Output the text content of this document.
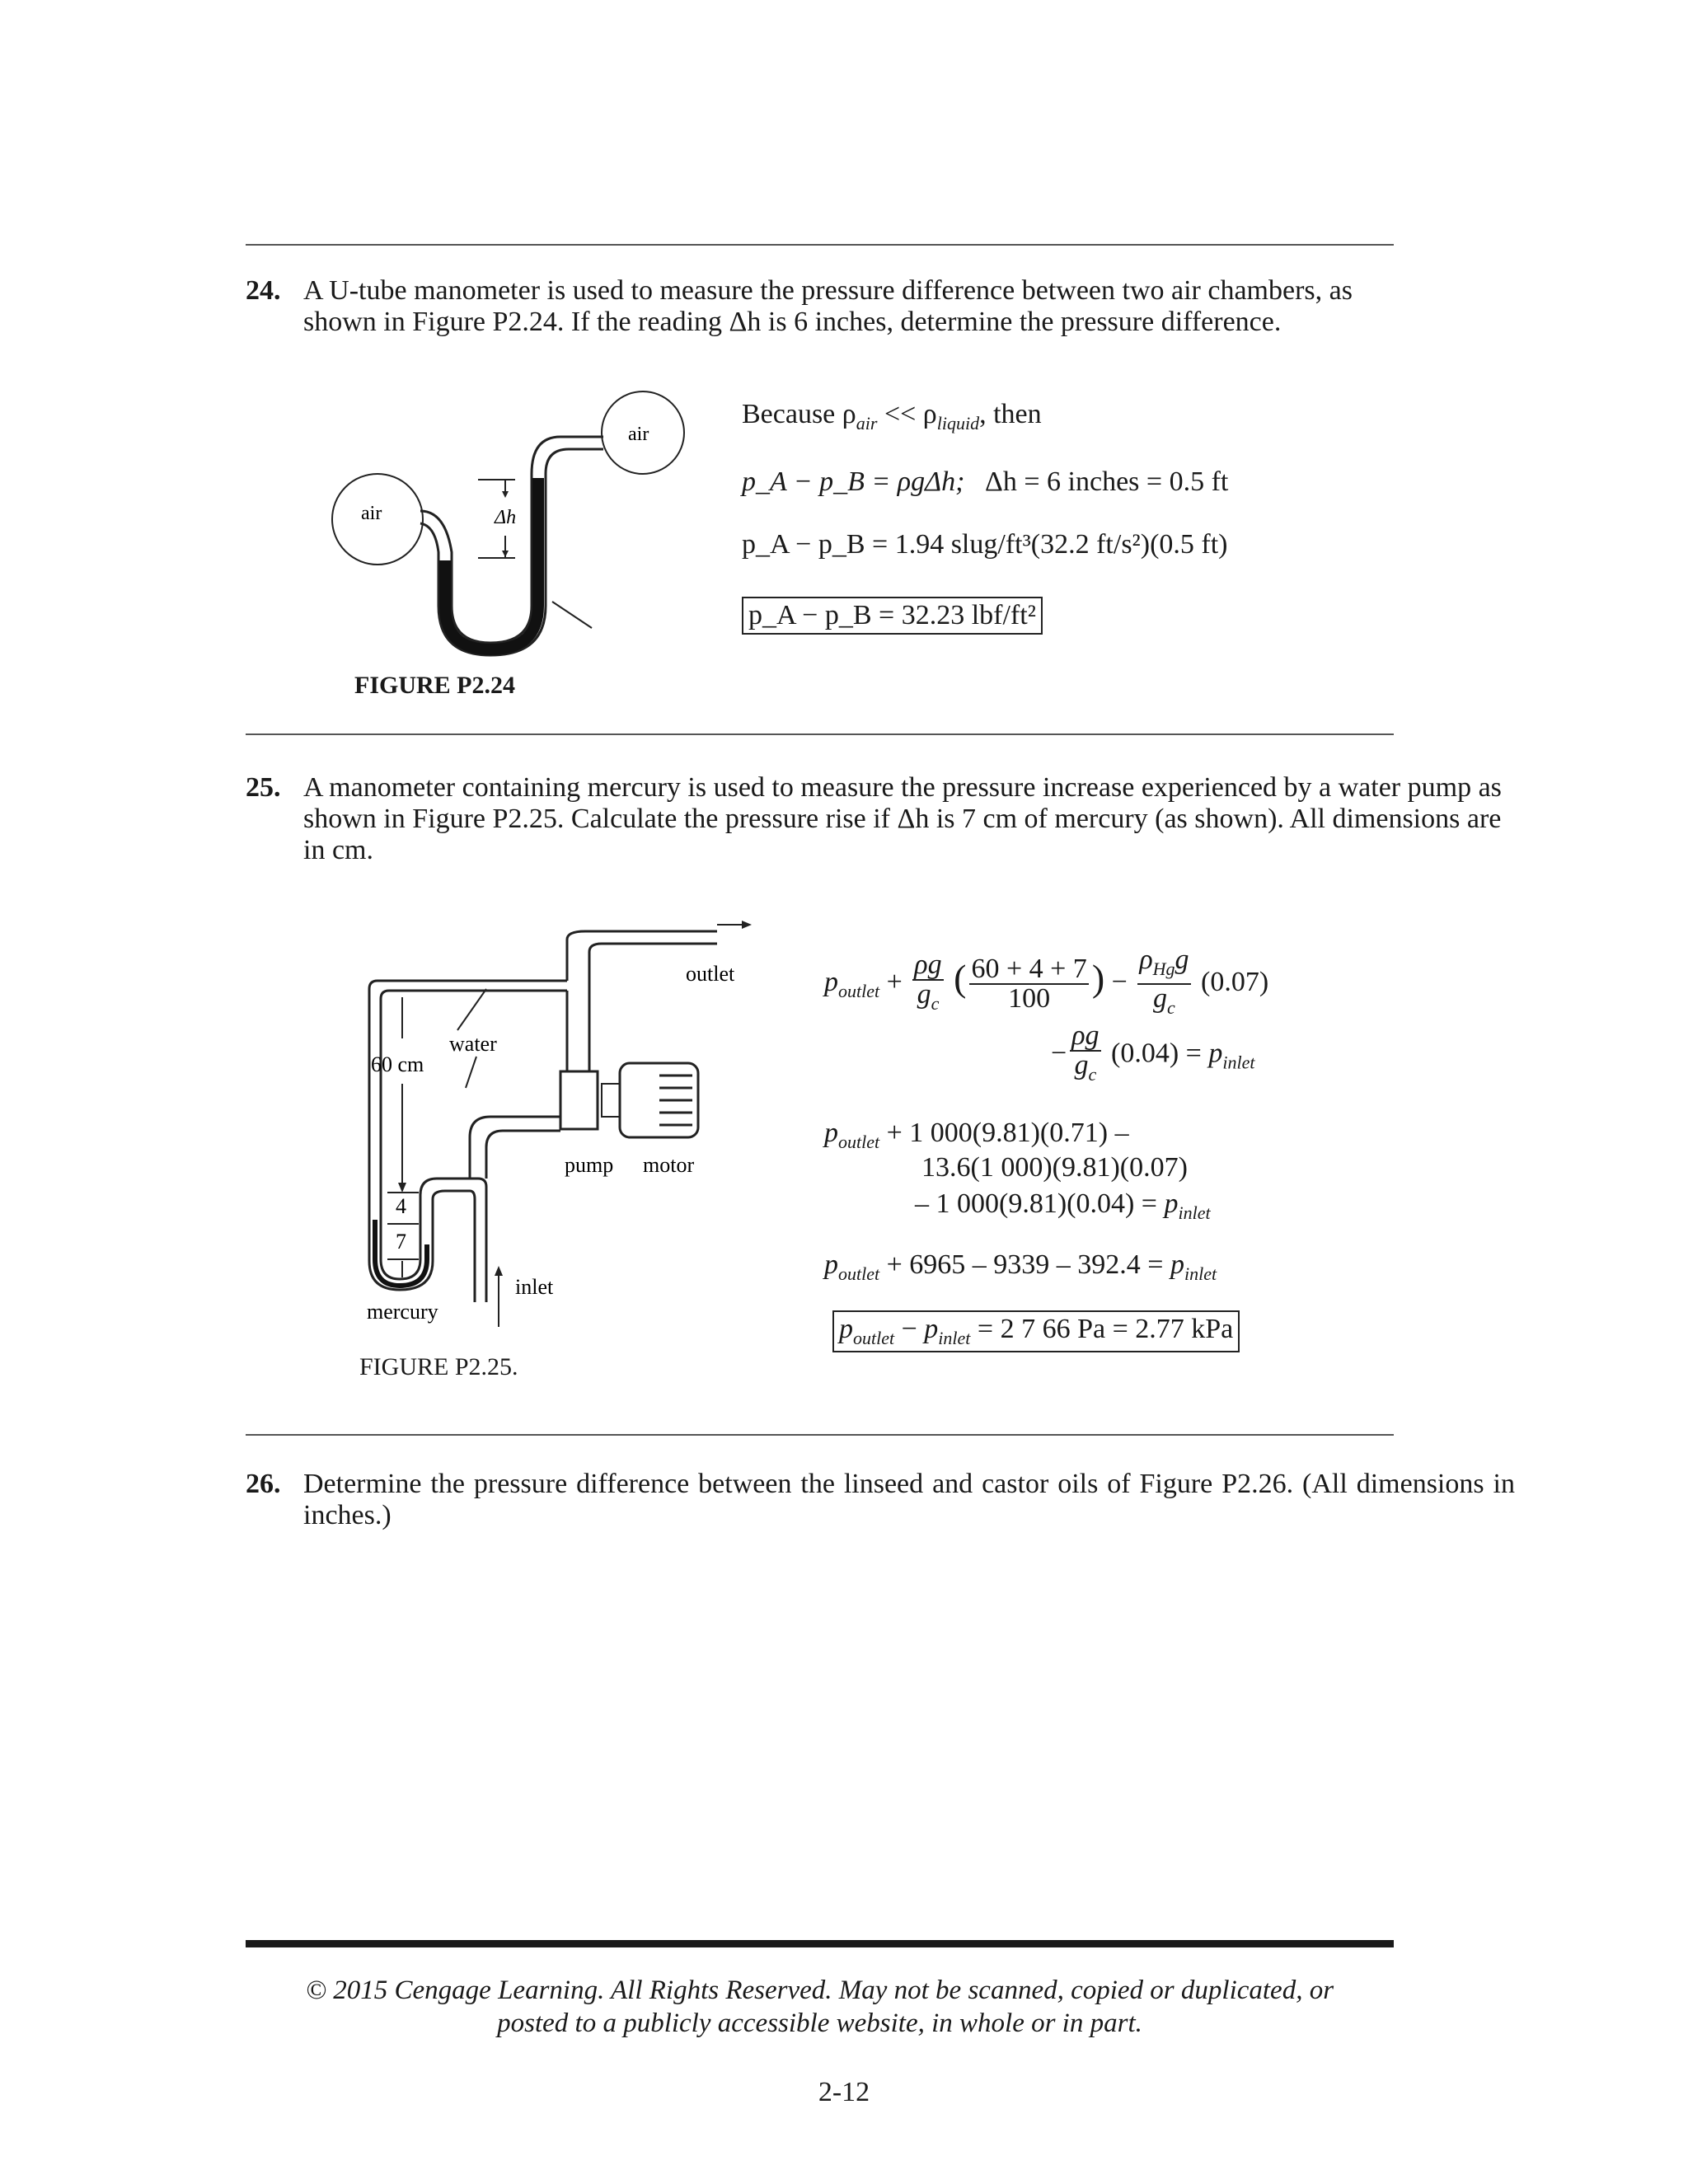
24. A U-tube manometer is used to measure the pressure difference between two air chambers, as shown in Figure P2.24. If the reading Δh is 6 inches, determine the pressure difference.
air
air
Δh
FIGURE P2.24
Because $\rho_{air} << \rho_{liquid}$, then
p_A − p_B = ρgΔh; Δh = 6 inches = 0.5 ft
p_A − p_B = 1.94 slug/ft³(32.2 ft/s²)(0.5 ft)
p_A − p_B = 32.23 lbf/ft²
25. A manometer containing mercury is used to measure the pressure increase experienced by a water pump as shown in Figure P2.25. Calculate the pressure rise if Δh is 7 cm of mercury (as shown). All dimensions are in cm.
outlet
pump motor
inlet
mercury
water
60 cm
4
7
FIGURE P2.25.
$p_{outlet} + \frac{\rho g}{g_c}$ ( $\frac{60 + 4 + 7}{100}$ ) − $\frac{\rho_{Hg}g}{g_c} (0.07)$
− $\frac{\rho g}{g_c} (0.04) = p_{inlet}$
$p_{outlet} + 1$ 000(9.81)(0.71) –
13.6(1 000)(9.81)(0.07)
– 1 $000(9.81)(0.04) = p_{inlet}$
$p_{outlet} + 6965 - 9339 - 392.4 = p_{inlet}$
$p_{outlet} - p_{inlet} = 2$ 7 66 Pa = 2.77 kPa
26. Determine the pressure difference between the linseed and castor oils of Figure P2.26. (All dimensions in inches.)
© 2015 Cengage Learning. All Rights Reserved. May not be scanned, copied or duplicated, or
posted to a publicly accessible website, in whole or in part.
2-12
